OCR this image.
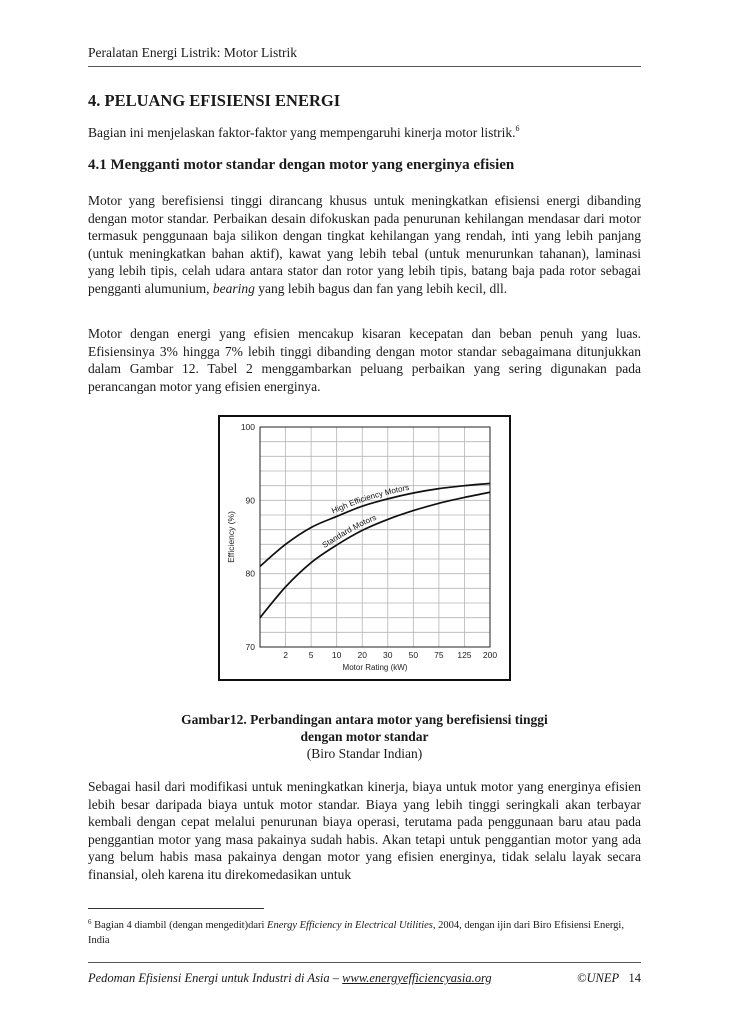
Peralatan Energi Listrik: Motor Listrik
4. PELUANG EFISIENSI ENERGI
Bagian ini menjelaskan faktor-faktor yang mempengaruhi kinerja motor listrik.$^6$
4.1 Mengganti motor standar dengan motor yang energinya efisien

Motor yang berefisiensi tinggi dirancang khusus untuk meningkatkan efisiensi energi dibanding dengan motor standar. Perbaikan desain difokuskan pada penurunan kehilangan mendasar dari motor termasuk penggunaan baja silikon dengan tingkat kehilangan yang rendah, inti yang lebih panjang (untuk meningkatkan bahan aktif), kawat yang lebih tebal (untuk menurunkan tahanan), laminasi yang lebih tipis, celah udara antara stator dan rotor yang lebih tipis, batang baja pada rotor sebagai pengganti alumunium, bearing yang lebih bagus dan fan yang lebih kecil, dll.

Motor dengan energi yang efisien mencakup kisaran kecepatan dan beban penuh yang luas. Efisiensinya 3% hingga 7% lebih tinggi dibanding dengan motor standar sebagaimana ditunjukkan dalam Gambar 12. Tabel 2 menggambarkan peluang perbaikan yang sering digunakan pada perancangan motor yang efisien energinya.

100
90
80
70
2 5 10 20 30 50 75 125 200
Motor Rating (kW)
Efficiency (%)
High Efficiency Motors
Standard Motors
Gambar12. Perbandingan antara motor yang berefisiensi tinggi
dengan motor standar
(Biro Standar Indian)

Sebagai hasil dari modifikasi untuk meningkatkan kinerja, biaya untuk motor yang energinya efisien lebih besar daripada biaya untuk motor standar. Biaya yang lebih tinggi seringkali akan terbayar kembali dengan cepat melalui penurunan biaya operasi, terutama pada penggunaan baru atau pada penggantian motor yang masa pakainya sudah habis. Akan tetapi untuk penggantian motor yang ada yang belum habis masa pakainya dengan motor yang efisien energinya, tidak selalu layak secara finansial, oleh karena itu direkomedasikan untuk

$^6$ Bagian 4 diambil (dengan mengedit)dari Energy Efficiency in Electrical Utilities, 2004, dengan ijin dari Biro Efisiensi Energi, India
Pedoman Efisiensi Energi untuk Industri di Asia – www.energyefficiencyasia.org	©UNEP 14
